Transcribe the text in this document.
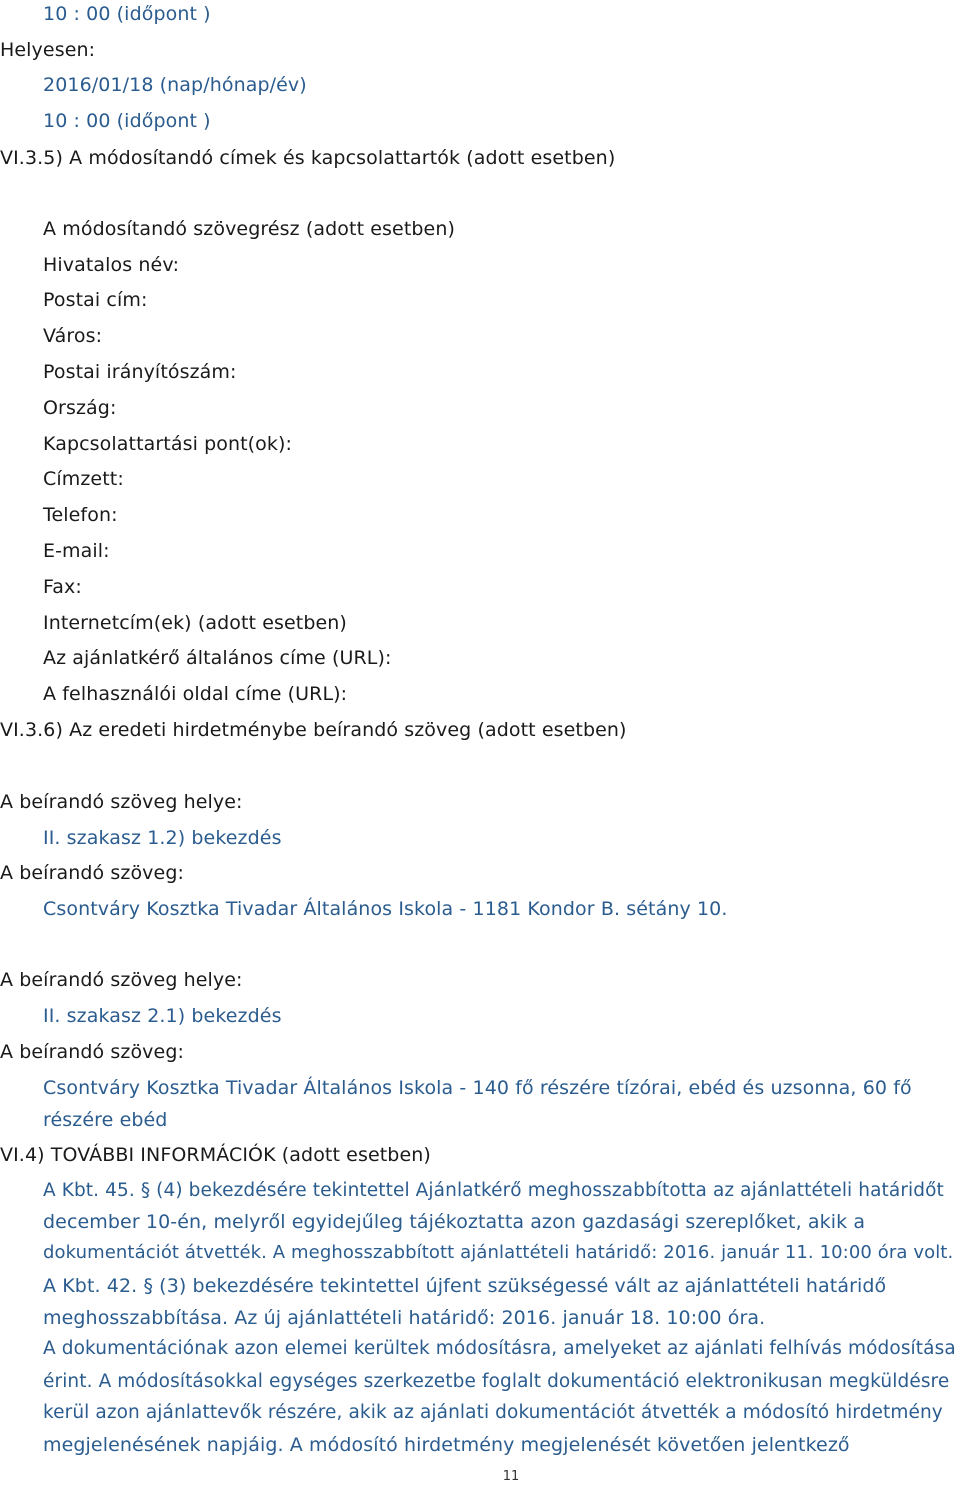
10 : 00 (időpont )
Helyesen:
2016/01/18 (nap/hónap/év)
10 : 00 (időpont )
VI.3.5) A módosítandó címek és kapcsolattartók (adott esetben)
A módosítandó szövegrész (adott esetben)
Hivatalos név:
Postai cím:
Város:
Postai irányítószám:
Ország:
Kapcsolattartási pont(ok):
Címzett:
Telefon:
E-mail:
Fax:
Internetcím(ek) (adott esetben)
Az ajánlatkérő általános címe (URL):
A felhasználói oldal címe (URL):
VI.3.6) Az eredeti hirdetménybe beírandó szöveg (adott esetben)
A beírandó szöveg helye:
II. szakasz 1.2) bekezdés
A beírandó szöveg:
Csontváry Kosztka Tivadar Általános Iskola - 1181 Kondor B. sétány 10.
A beírandó szöveg helye:
II. szakasz 2.1) bekezdés
A beírandó szöveg:
Csontváry Kosztka Tivadar Általános Iskola - 140 fő részére tízórai, ebéd és uzsonna, 60 fő
részére ebéd
VI.4) TOVÁBBI INFORMÁCIÓK (adott esetben)
A Kbt. 45. § (4) bekezdésére tekintettel Ajánlatkérő meghosszabbította az ajánlattételi határidőt
december 10-én, melyről egyidejűleg tájékoztatta azon gazdasági szereplőket, akik a
dokumentációt átvették. A meghosszabbított ajánlattételi határidő: 2016. január 11. 10:00 óra volt.
A Kbt. 42. § (3) bekezdésére tekintettel újfent szükségessé vált az ajánlattételi határidő
meghosszabbítása. Az új ajánlattételi határidő: 2016. január 18. 10:00 óra.
A dokumentációnak azon elemei kerültek módosításra, amelyeket az ajánlati felhívás módosítása
érint. A módosításokkal egységes szerkezetbe foglalt dokumentáció elektronikusan megküldésre
kerül azon ajánlattevők részére, akik az ajánlati dokumentációt átvették a módosító hirdetmény
megjelenésének napjáig. A módosító hirdetmény megjelenését követően jelentkező
11
